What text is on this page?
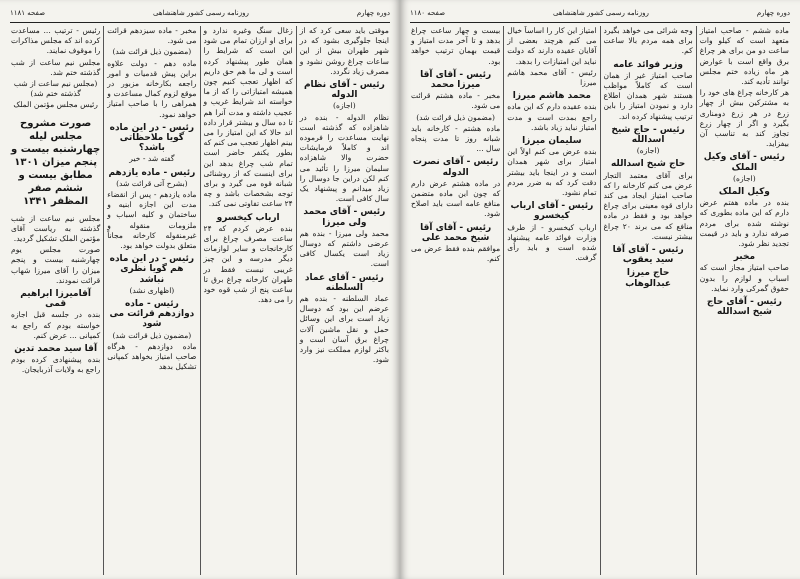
دوره چهارم
روزنامه رسمی کشور شاهنشاهی
صفحه ۱۱۸۱

موقتی باید سعی کرد که از اینجا جلوگیری بشود که در شهر طهران بیش از این ساعات چراغ روشن نشود و مصرف زیاد نگردد.

رئیس - آقای نظام الدوله

(اجازه)

نظام الدوله - بنده در شاهزاده که گذشته است نهایت مساعدت را فرموده اند و کاملاً فرمایشات حضرت والا شاهزاده سلیمان میرزا را تأئید می کنم لکن دراین جا دوسال را زیاد میدانم و پیشنهاد یک سال کافی است.

رئیس - آقای محمد ولی میرزا

محمد ولی میرزا - بنده هم عرضی داشتم که دوسال زیاد است یکسال کافی است.

رئیس - آقای عماد السلطنه

عماد السلطنه - بنده هم عرضم این بود که دوسال زیاد است برای این وسائل حمل و نقل ماشین آلات چراغ برق آسان است و باکثر لوازم مملکت نیز وارد شود.

زغال سنگ وغیره ندارد و برای او ارزان تمام می شود این است که شرایط را همان طور پیشنهاد کرده است و لی ما هم حق داریم که اظهار تعجب کنیم چون همیشه امتیازاتی را که از ما خواسته اند شرایط غریب و عجیب داشته و مدت آنرا هم تا ده سال و بیشتر قرار داده اند حالا که این امتیاز را می بینم اظهار تعجب می کنم که بطور یکنفر حاضر است تمام شب چراغ بدهد این برای اینست که از روشنائی شبانه قوه می گیرد و برای توجه بشخصات باشد و چه ۲۴ ساعت تفاوتی نمی کند.

ارباب کیخسرو

بنده عرض کردم که ۲۴ ساعت مصرف چراغ برای کارخانجات و سایر لوازمات دیگر مدرسه و این چیز غریبی نیست فقط در طهران کارخانه چراغ برق تا ساعت پنج از شب قوه خود را می دهد.

مخبر - ماده سیزدهم قرائت می شود.

(مضمون ذیل قرائت شد)

ماده دهم - دولت علاوه براین پیش قدمیات و امور راجعه بکارخانه مزبور در موقع لزوم کمال مساعدت و همراهی را با صاحب امتیاز خواهد نمود.

رئیس - در این ماده گویا ملاحظاتی باشد؟

گفته شد - خیر

رئیس - ماده یازدهم

(بشرح آتی قرائت شد)

ماده یازدهم - پس از انقضاء مدت این اجازه ابنیه و ساختمان و کلیه اسباب و ملزومات منقوله و غیرمنقوله کارخانه مجاناً متعلق بدولت خواهد بود.

رئیس - در این ماده هم گویا نظری نباشد

(اظهاری نشد)

رئیس - ماده دوازدهم قرائت می شود

(مضمون ذیل قرائت شد)

ماده دوازدهم - هرگاه صاحب امتیاز بخواهد کمپانی تشکیل بدهد

رئیس - ترتیب ... مساعدت کرده اند که مجلس مذاکرات را موقوف نمایند.

مجلس نیم ساعت از شب گذشته ختم شد.

(مجلس نیم ساعت از شب گذشته ختم شد)

رئیس مجلس مؤتمن الملک

صورت مشروح مجلس لیله چهارشنبه بیست و پنجم میزان ۱۳۰۱ مطابق بیست و ششم صفر المظفر ۱۳۴۱

مجلس نیم ساعت از شب گذشته به ریاست آقای مؤتمن الملک تشکیل گردید.

صورت مجلس یوم چهارشنبه بیست و پنجم میزان را آقای میرزا شهاب قرائت نمودند.

آقامیرزا ابراهیم قمی

بنده در جلسه قبل اجازه خواسته بودم که راجع به کمپانی ... عرض کنم.

آقا سید محمد تدین

بنده پیشنهادی کرده بودم راجع به ولایات آذربایجان.

دوره چهارم
روزنامه رسمی کشور شاهنشاهی
صفحه ۱۱۸۰

ماده ششم - صاحب امتیاز متعهد است که کیلو وات ساعت دو من برای هر چراغ برق واقع است با عوارض هر ماه زیاده ختم مجلس توانند تأدیه کند.

هر کارخانه چراغ های خود را به مشترکین بیش از چهار زرع در هر زرع دومناری بگیرد و اگر از چهار زرع تجاوز کند به تناسب آن بیفزاید.

رئیس - آقای وکیل الملک

(اجازه)

وکیل الملک

بنده در ماده هفتم عرض دارم که این ماده بطوری که نوشته شده برای مردم صرفه ندارد و باید در قیمت تجدید نظر شود.

مخبر

صاحب امتیاز مجاز است که اسباب و لوازم را بدون حقوق گمرکی وارد نماید.

رئیس - آقای حاج شیخ اسدالله

وجه شرائی می خواهد بگیرد برای همه مردم بالا ساعت کم.

وزیر فوائد عامه

صاحب امتیاز غیر از همان است که کاملاً مواظب هستند شهر همدان اطلاع دارد و نمودن امتیاز را باین ترتیب پیشنهاد کرده اند.

رئیس - حاج شیخ اسدالله

(اجازه)

حاج شیخ اسدالله

برای آقای معتمد التجار عرض می کنم کارخانه را که صاحب امتیاز ایجاد می کند دارای قوه معینی برای چراغ خواهد بود و فقط در ماده منافع که می برند ۲۰ چراغ بیشتر نیست.

رئیس - آقای آقا سید یعقوب

حاج میرزا عبدالوهاب

امتیاز این کار را اساساً خیال می کنم هرچند بعضی از آقایان عقیده دارند که دولت نباید این امتیازات را بدهد.

رئیس - آقای محمد هاشم میرزا

محمد هاشم میرزا

بنده عقیده دارم که این ماده راجع بمدت است و مدت امتیاز نباید زیاد باشد.

سلیمان میرزا

بنده عرض می کنم اولاً این امتیاز برای شهر همدان است و در اینجا باید بیشتر دقت کرد که به ضرر مردم تمام نشود.

رئیس - آقای ارباب کیخسرو

ارباب کیخسرو - از طرف وزارت فوائد عامه پیشنهاد شده است و باید رأی گرفت.

بیست و چهار ساعت چراغ بدهد و تا آخر مدت امتیاز و قیمت بهمان ترتیب خواهد بود.

رئیس - آقای آقا میرزا محمد

مخبر - ماده هشتم قرائت می شود.

(مضمون ذیل قرائت شد)

ماده هشتم - کارخانه باید شبانه روز تا مدت پنجاه سال ...

رئیس - آقای نصرت الدوله

در ماده هشتم عرض دارم که چون این ماده متضمن منافع عامه است باید اصلاح شود.

رئیس - آقای آقا شیخ محمد علی

موافقم بنده فقط عرض می کنم.
